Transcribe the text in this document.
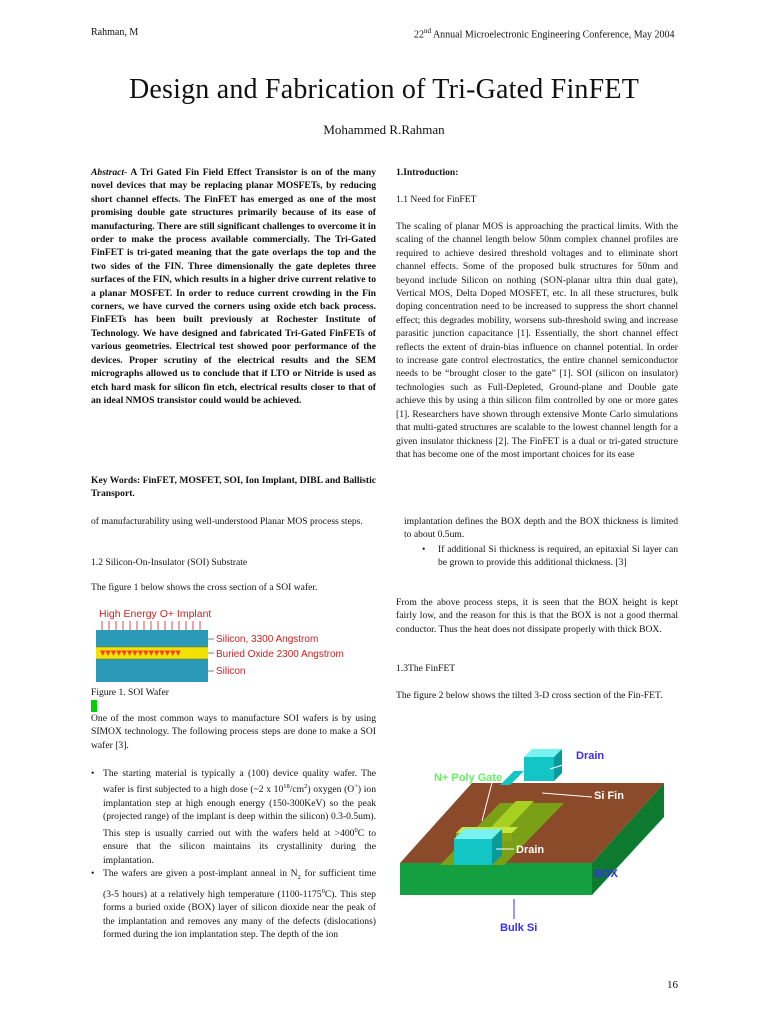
Rahman, M	22nd Annual Microelectronic Engineering Conference, May 2004
Design and Fabrication of Tri-Gated FinFET
Mohammed R.Rahman
Abstract- A Tri Gated Fin Field Effect Transistor is on of the many novel devices that may be replacing planar MOSFETs, by reducing short channel effects. The FinFET has emerged as one of the most promising double gate structures primarily because of its ease of manufacturing. There are still significant challenges to overcome it in order to make the process available commercially. The Tri-Gated FinFET is tri-gated meaning that the gate overlaps the top and the two sides of the FIN. Three dimensionally the gate depletes three surfaces of the FIN, which results in a higher drive current relative to a planar MOSFET. In order to reduce current crowding in the Fin corners, we have curved the corners using oxide etch back process. FinFETs has been built previously at Rochester Institute of Technology. We have designed and fabricated Tri-Gated FinFETs of various geometries. Electrical test showed poor performance of the devices. Proper scrutiny of the electrical results and the SEM micrographs allowed us to conclude that if LTO or Nitride is used as etch hard mask for silicon fin etch, electrical results closer to that of an ideal NMOS transistor could would be achieved.
Key Words: FinFET, MOSFET, SOI, Ion Implant, DIBL and Ballistic Transport.
of manufacturability using well-understood Planar MOS process steps.
1.2 Silicon-On-Insulator (SOI) Substrate
The figure 1 below shows the cross section of a SOI wafer.
High Energy O+ Implant
▼▼▼▼▼▼▼▼▼▼▼▼▼▼▼
Silicon, 3300 Angstrom
Buried Oxide 2300 Angstrom
Silicon
Figure 1. SOI Wafer
One of the most common ways to manufacture SOI wafers is by using SIMOX technology. The following process steps are done to make a SOI wafer [3].
• The starting material is typically a (100) device quality wafer. The wafer is first subjected to a high dose (~2 x $10^{18}/cm^2$) oxygen (O+) ion implantation step at high enough energy (150-300KeV) so the peak (projected range) of the implant is deep within the silicon) 0.3-0.5um). This step is usually carried out with the wafers held at $>400^0C$ to ensure that the silicon maintains its crystallinity during the implantation.
• The wafers are given a post-implant anneal in $N_2$ for sufficient time (3-5 hours) at a relatively high temperature (1100-1175$^0$C). This step forms a buried oxide (BOX) layer of silicon dioxide near the peak of the implantation and removes any many of the defects (dislocations) formed during the ion implantation step. The depth of the ion
1.Introduction:
1.1 Need for FinFET
The scaling of planar MOS is approaching the practical limits. With the scaling of the channel length below 50nm complex channel profiles are required to achieve desired threshold voltages and to eliminate short channel effects. Some of the proposed bulk structures for 50nm and beyond include Silicon on nothing (SON-planar ultra thin dual gate), Vertical MOS, Delta Doped MOSFET, etc. In all these structures, bulk doping concentration need to be increased to suppress the short channel effect; this degrades mobility, worsens sub-threshold swing and increase parasitic junction capacitance [1]. Essentially, the short channel effect reflects the extent of drain-bias influence on channel potential. In order to increase gate control electrostatics, the entire channel semiconductor needs to be “brought closer to the gate” [1]. SOI (silicon on insulator) technologies such as Full-Depleted, Ground-plane and Double gate achieve this by using a thin silicon film controlled by one or more gates [1]. Researchers have shown through extensive Monte Carlo simulations that multi-gated structures are scalable to the lowest channel length for a given insulator thickness [2]. The FinFET is a dual or tri-gated structure that has become one of the most important choices for its ease
implantation defines the BOX depth and the BOX thickness is limited to about 0.5um.
• If additional Si thickness is required, an epitaxial Si layer can be grown to provide this additional thickness. [3]
From the above process steps, it is seen that the BOX height is kept fairly low, and the reason for this is that the BOX is not a good thermal conductor. Thus the heat does not dissipate properly with thick BOX.
1.3The FinFET
The figure 2 below shows the tilted 3-D cross section of the Fin-FET.
Drain
N+ Poly Gate
Si Fin
Drain
BOX
Bulk Si
16
